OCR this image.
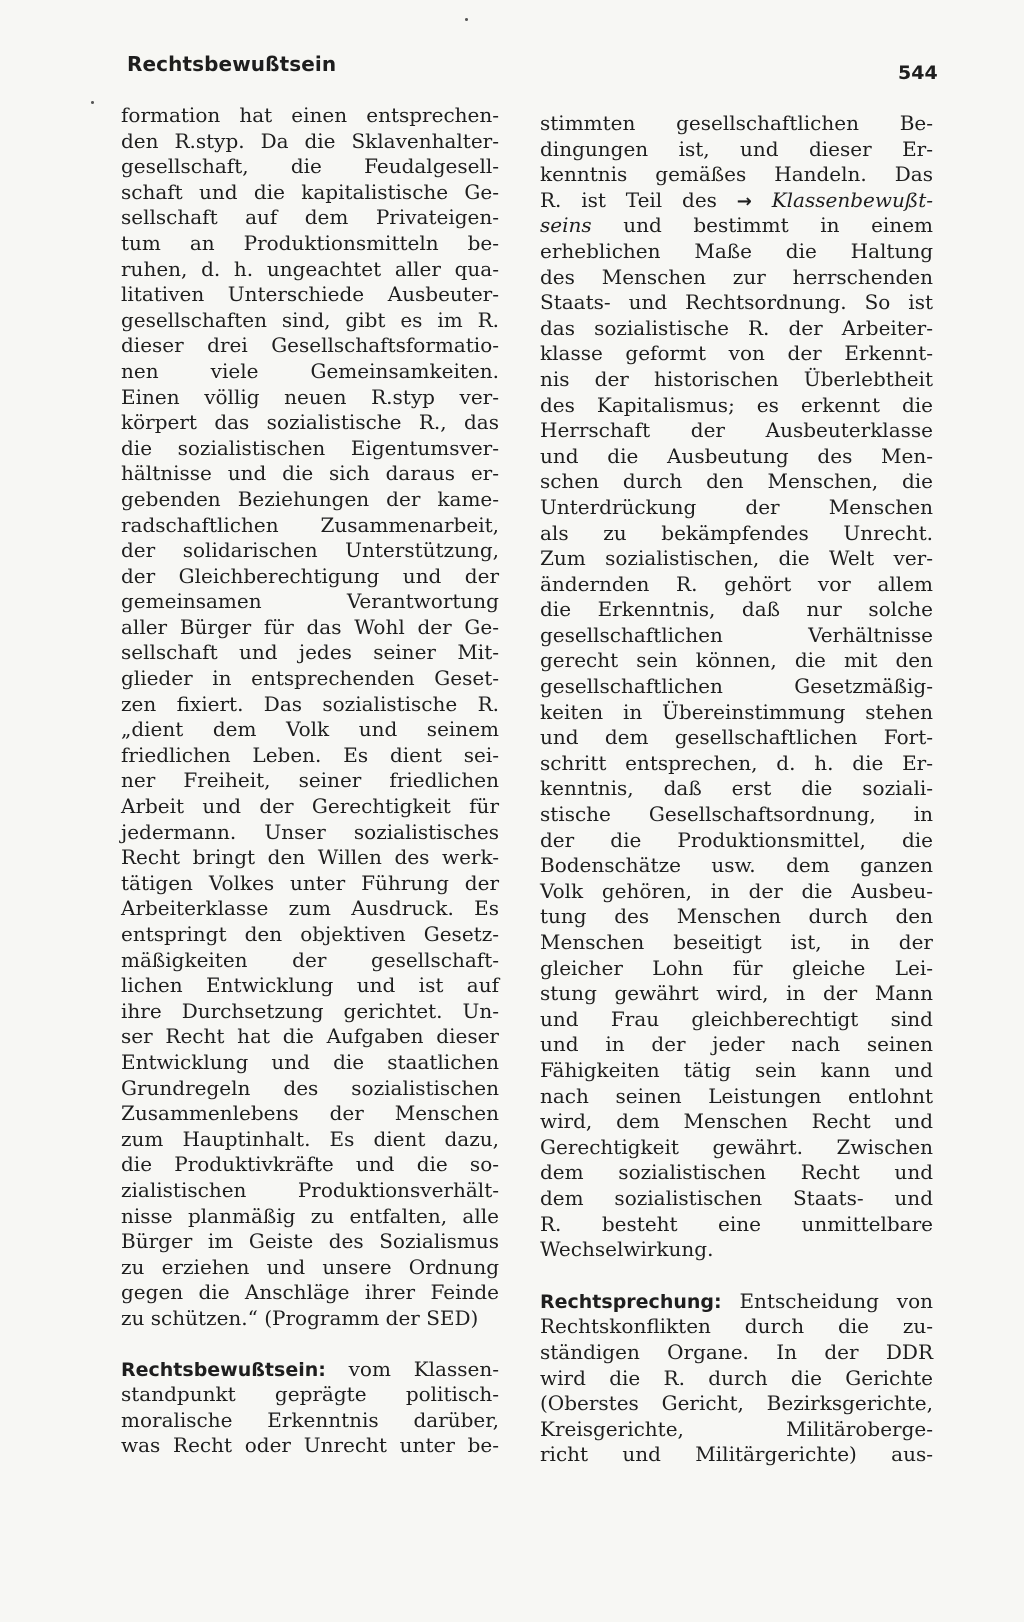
Rechtsbewußtsein	544
formation hat einen entsprechen-
den R.styp. Da die Sklavenhalter-
gesellschaft, die Feudalgesell-
schaft und die kapitalistische Ge-
sellschaft auf dem Privateigen-
tum an Produktionsmitteln be-
ruhen, d. h. ungeachtet aller qua-
litativen Unterschiede Ausbeuter-
gesellschaften sind, gibt es im R.
dieser drei Gesellschaftsformatio-
nen viele Gemeinsamkeiten.
Einen völlig neuen R.styp ver-
körpert das sozialistische R., das
die sozialistischen Eigentumsver-
hältnisse und die sich daraus er-
gebenden Beziehungen der kame-
radschaftlichen Zusammenarbeit,
der solidarischen Unterstützung,
der Gleichberechtigung und der
gemeinsamen Verantwortung
aller Bürger für das Wohl der Ge-
sellschaft und jedes seiner Mit-
glieder in entsprechenden Geset-
zen fixiert. Das sozialistische R.
„dient dem Volk und seinem
friedlichen Leben. Es dient sei-
ner Freiheit, seiner friedlichen
Arbeit und der Gerechtigkeit für
jedermann. Unser sozialistisches
Recht bringt den Willen des werk-
tätigen Volkes unter Führung der
Arbeiterklasse zum Ausdruck. Es
entspringt den objektiven Gesetz-
mäßigkeiten der gesellschaft-
lichen Entwicklung und ist auf
ihre Durchsetzung gerichtet. Un-
ser Recht hat die Aufgaben dieser
Entwicklung und die staatlichen
Grundregeln des sozialistischen
Zusammenlebens der Menschen
zum Hauptinhalt. Es dient dazu,
die Produktivkräfte und die so-
zialistischen Produktionsverhält-
nisse planmäßig zu entfalten, alle
Bürger im Geiste des Sozialismus
zu erziehen und unsere Ordnung
gegen die Anschläge ihrer Feinde
zu schützen.“ (Programm der SED)
Rechtsbewußtsein: vom Klassen-
standpunkt geprägte politisch-
moralische Erkenntnis darüber,
was Recht oder Unrecht unter be-
stimmten gesellschaftlichen Be-
dingungen ist, und dieser Er-
kenntnis gemäßes Handeln. Das
R. ist Teil des → Klassenbewußt-
seins und bestimmt in einem
erheblichen Maße die Haltung
des Menschen zur herrschenden
Staats- und Rechtsordnung. So ist
das sozialistische R. der Arbeiter-
klasse geformt von der Erkennt-
nis der historischen Überlebtheit
des Kapitalismus; es erkennt die
Herrschaft der Ausbeuterklasse
und die Ausbeutung des Men-
schen durch den Menschen, die
Unterdrückung der Menschen
als zu bekämpfendes Unrecht.
Zum sozialistischen, die Welt ver-
ändernden R. gehört vor allem
die Erkenntnis, daß nur solche
gesellschaftlichen Verhältnisse
gerecht sein können, die mit den
gesellschaftlichen Gesetzmäßig-
keiten in Übereinstimmung stehen
und dem gesellschaftlichen Fort-
schritt entsprechen, d. h. die Er-
kenntnis, daß erst die soziali-
stische Gesellschaftsordnung, in
der die Produktionsmittel, die
Bodenschätze usw. dem ganzen
Volk gehören, in der die Ausbeu-
tung des Menschen durch den
Menschen beseitigt ist, in der
gleicher Lohn für gleiche Lei-
stung gewährt wird, in der Mann
und Frau gleichberechtigt sind
und in der jeder nach seinen
Fähigkeiten tätig sein kann und
nach seinen Leistungen entlohnt
wird, dem Menschen Recht und
Gerechtigkeit gewährt. Zwischen
dem sozialistischen Recht und
dem sozialistischen Staats- und
R. besteht eine unmittelbare
Wechselwirkung.
Rechtsprechung: Entscheidung von
Rechtskonflikten durch die zu-
ständigen Organe. In der DDR
wird die R. durch die Gerichte
(Oberstes Gericht, Bezirksgerichte,
Kreisgerichte, Militärobergе-
richt und Militärgerichte) aus-
